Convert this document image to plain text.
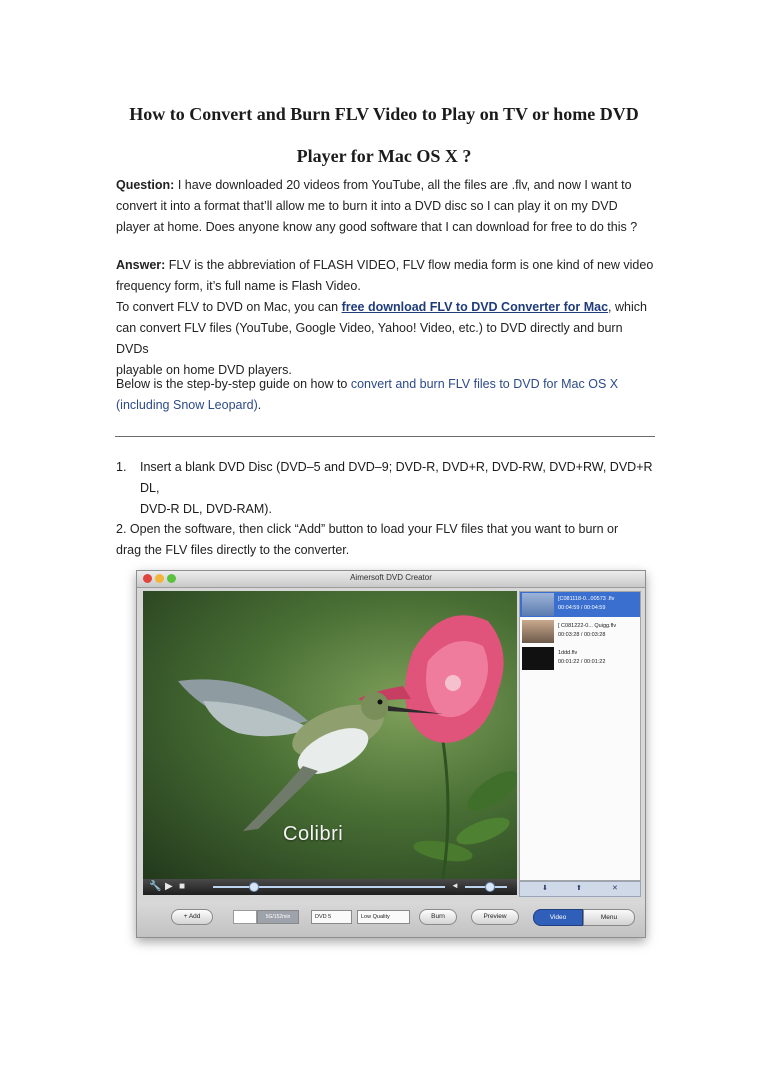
How to Convert and Burn FLV Video to Play on TV or home DVD
Player for Mac OS X ?
Question: I have downloaded 20 videos from YouTube, all the files are .flv, and now I want to
convert it into a format that’ll allow me to burn it into a DVD disc so I can play it on my DVD
player at home. Does anyone know any good software that I can download for free to do this ?
Answer: FLV is the abbreviation of FLASH VIDEO, FLV flow media form is one kind of new video
frequency form, it’s full name is Flash Video.
To convert FLV to DVD on Mac, you can free download FLV to DVD Converter for Mac, which
can convert FLV files (YouTube, Google Video, Yahoo! Video, etc.) to DVD directly and burn DVDs
playable on home DVD players.
Below is the step-by-step guide on how to convert and burn FLV files to DVD for Mac OS X
(including Snow Leopard).
1. Insert a blank DVD Disc (DVD–5 and DVD–9; DVD-R, DVD+R, DVD-RW, DVD+RW, DVD+R DL,
DVD-R DL, DVD-RAM).
2. Open the software, then click “Add” button to load your FLV files that you want to burn or
drag the FLV files directly to the converter.
Aimersoft DVD Creator
Colibri
🔧 ▶ ■	◄
[C081118-0...00573 .flv
00:04:59 / 00:04:59
[ C081222-0... Quigg.flv
00:03:28 / 00:03:28
1ddd.flv
00:01:22 / 00:01:22
⬇	⬆	✕
+ Add	5G/152min	DVD 5	Low Quality	Burn	Preview	Video	Menu
